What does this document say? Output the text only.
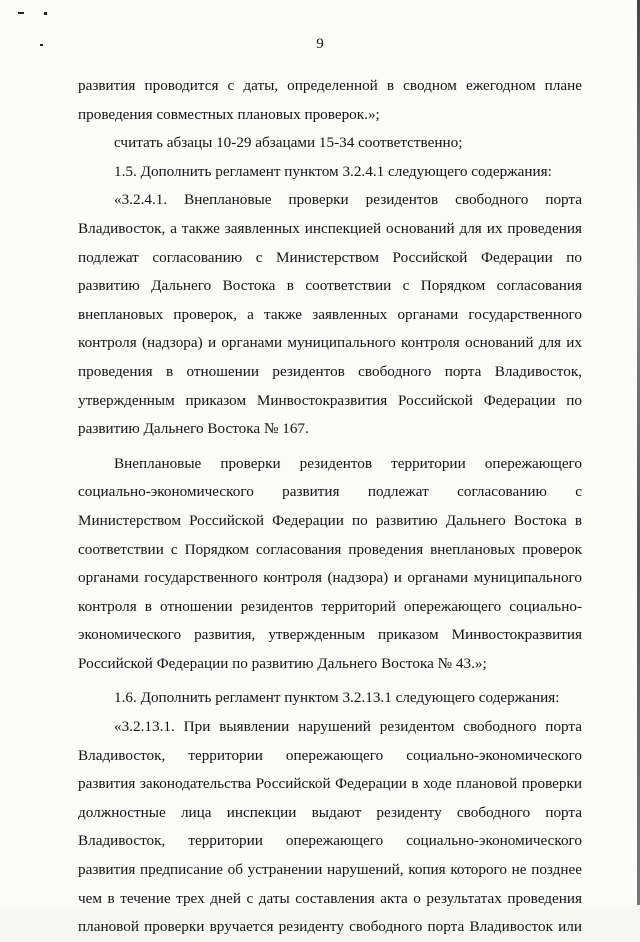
9
развития проводится с даты, определенной в сводном ежегодном плане
проведения совместных плановых проверок.»;
считать абзацы 10-29 абзацами 15-34 соответственно;
1.5. Дополнить регламент пунктом 3.2.4.1 следующего содержания:
«3.2.4.1. Внеплановые проверки резидентов свободного порта
Владивосток, а также заявленных инспекцией оснований для их проведения
подлежат согласованию с Министерством Российской Федерации по
развитию Дальнего Востока в соответствии с Порядком согласования
внеплановых проверок, а также заявленных органами государственного
контроля (надзора) и органами муниципального контроля оснований для их
проведения в отношении резидентов свободного порта Владивосток,
утвержденным приказом Минвостокразвития Российской Федерации по
развитию Дальнего Востока № 167.
Внеплановые проверки резидентов территории опережающего
социально-экономического развития подлежат согласованию с
Министерством Российской Федерации по развитию Дальнего Востока в
соответствии с Порядком согласования проведения внеплановых проверок
органами государственного контроля (надзора) и органами муниципального
контроля в отношении резидентов территорий опережающего социально-
экономического развития, утвержденным приказом Минвостокразвития
Российской Федерации по развитию Дальнего Востока № 43.»;
1.6. Дополнить регламент пунктом 3.2.13.1 следующего содержания:
«3.2.13.1. При выявлении нарушений резидентом свободного порта
Владивосток, территории опережающего социально-экономического
развития законодательства Российской Федерации в ходе плановой проверки
должностные лица инспекции выдают резиденту свободного порта
Владивосток, территории опережающего социально-экономического
развития предписание об устранении нарушений, копия которого не позднее
чем в течение трех дней с даты составления акта о результатах проведения
плановой проверки вручается резиденту свободного порта Владивосток или
